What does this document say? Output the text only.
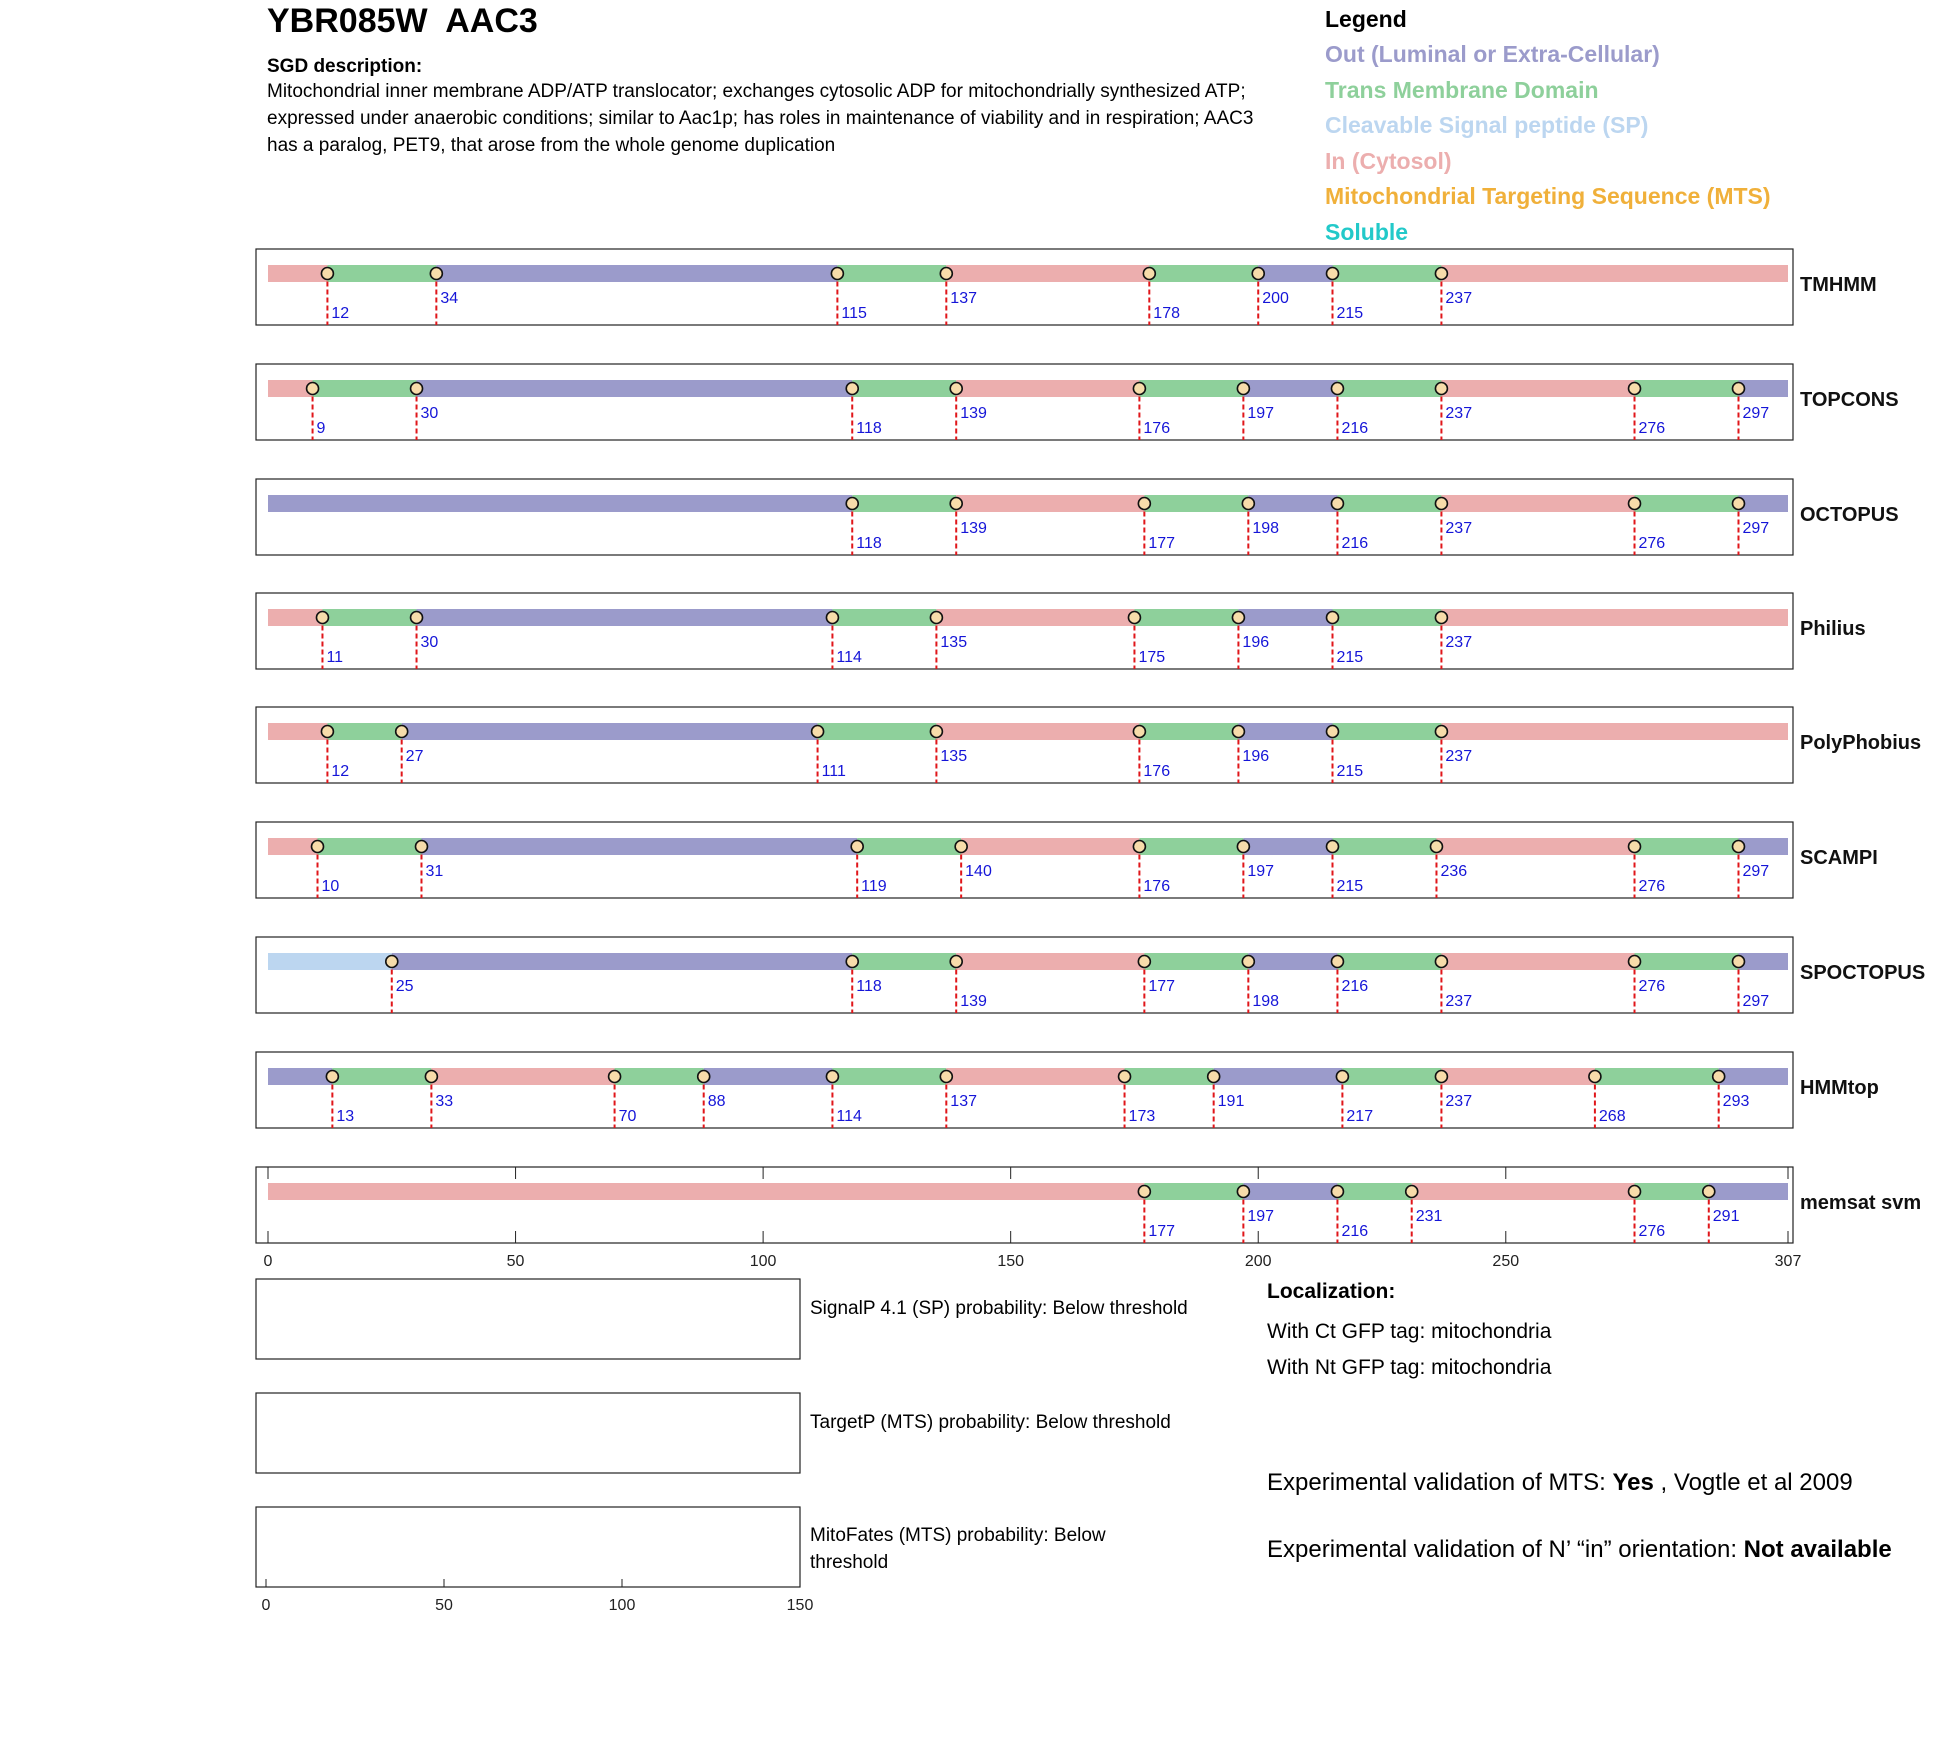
YBR085W  AAC3
SGD description:
Mitochondrial inner membrane ADP/ATP translocator; exchanges cytosolic ADP for mitochondrially synthesized ATP; expressed under anaerobic conditions; similar to Aac1p; has roles in maintenance of viability and in respiration; AAC3 has a paralog, PET9, that arose from the whole genome duplication
Legend
Out (Luminal or Extra-Cellular)
Trans Membrane Domain
Cleavable Signal peptide (SP)
In (Cytosol)
Mitochondrial Targeting Sequence (MTS)
Soluble
12
34
115
137
178
200
215
237
TMHMM
9
30
118
139
176
197
216
237
276
297
TOPCONS
118
139
177
198
216
237
276
297
OCTOPUS
11
30
114
135
175
196
215
237
Philius
12
27
111
135
176
196
215
237
PolyPhobius
10
31
119
140
176
197
215
236
276
297
SCAMPI
25	118
139
177
198
216
237
276
297
SPOCTOPUS
13
33
70
88
114
137
173
191
217
237
268
293
HMMtop
0	50	100	150	200	250	307
177
197
216
231
276
291
memsat svm
0	50	100	150
SignalP 4.1 (SP) probability: Below threshold
TargetP (MTS) probability: Below threshold
MitoFates (MTS) probability: Below threshold
Localization:
With Ct GFP tag: mitochondria
With Nt GFP tag: mitochondria
Experimental validation of MTS: Yes , Vogtle et al 2009
Experimental validation of N’ “in” orientation: Not available
